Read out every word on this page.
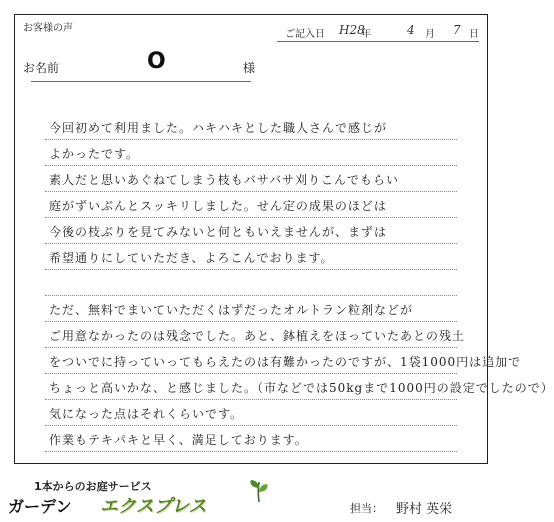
お客様の声
ご記入日 H28
年	4 月 7 日
お名前	O	様
今回初めて利用ました。ハキハキとした職人さんで感じが
よかったです。
素人だと思いあぐねてしまう枝もバサバサ刈りこんでもらい
庭がずいぶんとスッキリしました。せん定の成果のほどは
今後の枝ぶりを見てみないと何ともいえませんが、まずは
希望通りにしていただき、よろこんでおります。
ただ、無料でまいていただくはずだったオルトラン粒剤などが
ご用意なかったのは残念でした。あと、鉢植えをほっていたあとの残土
をついでに持っていってもらえたのは有難かったのですが、1袋1000円は追加で
ちょっと高いかな、と感じました。（市などでは50kgまで1000円の設定でしたので）
気になった点はそれくらいです。
作業もテキパキと早く、満足しております。
1本からのお庭サービス
ガーデン エクスプレス	担当： 野村 英栄
